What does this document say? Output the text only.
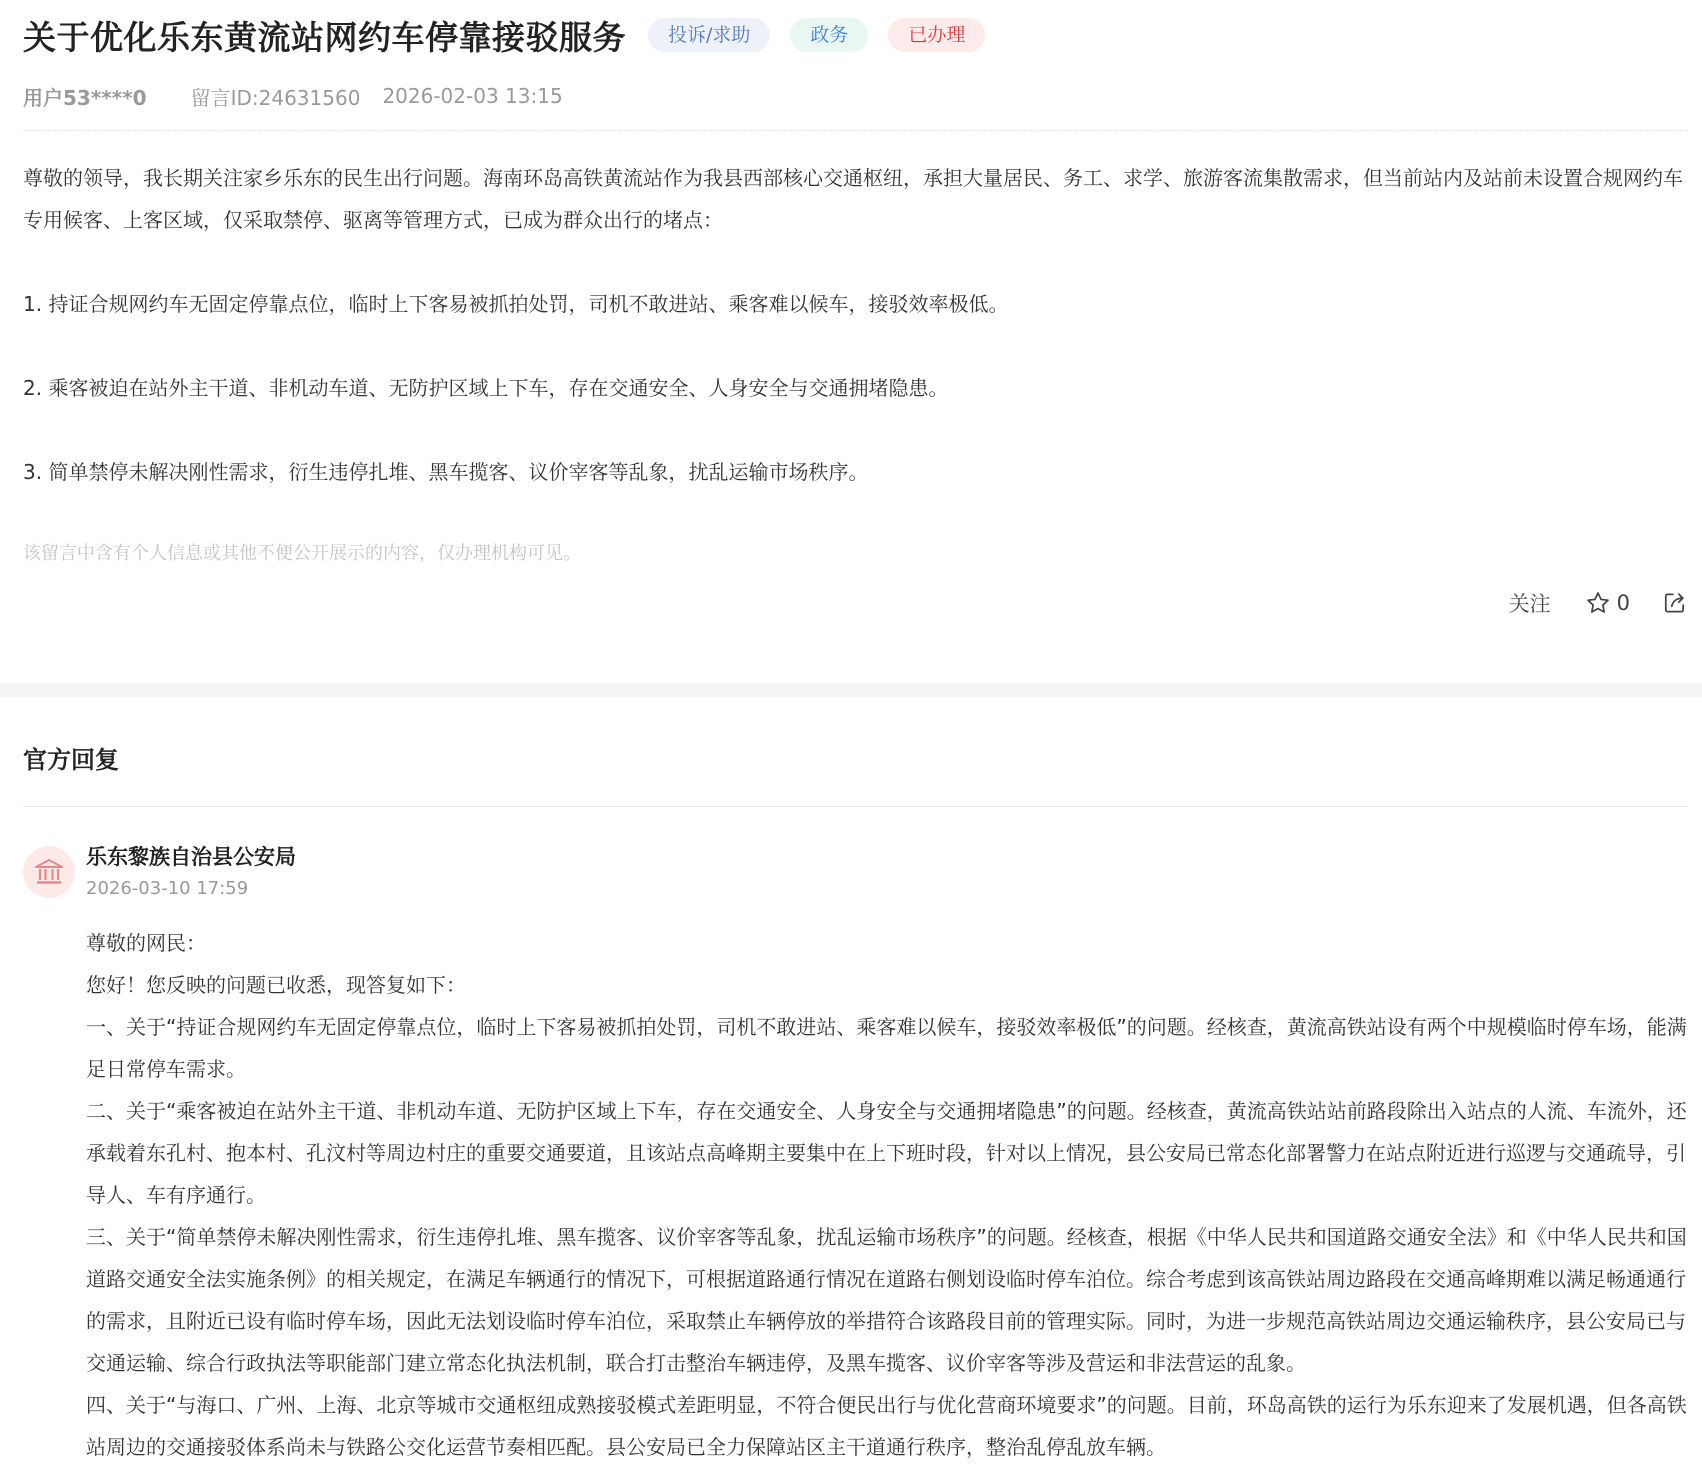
关于优化乐东黄流站网约车停靠接驳服务	投诉/求助	政务	已办理
用户53****0 留言ID:24631560 2026-02-03 13:15

尊敬的领导，我长期关注家乡乐东的民生出行问题。海南环岛高铁黄流站作为我县西部核心交通枢纽，承担大量居民、务工、求学、旅游客流集散需求，但当前站内及站前未设置合规网约车专用候客、上客区域，仅采取禁停、驱离等管理方式，已成为群众出行的堵点：

1. 持证合规网约车无固定停靠点位，临时上下客易被抓拍处罚，司机不敢进站、乘客难以候车，接驳效率极低。

2. 乘客被迫在站外主干道、非机动车道、无防护区域上下车，存在交通安全、人身安全与交通拥堵隐患。

3. 简单禁停未解决刚性需求，衍生违停扎堆、黑车揽客、议价宰客等乱象，扰乱运输市场秩序。

该留言中含有个人信息或其他不便公开展示的内容，仅办理机构可见。
关注	0
官方回复
乐东黎族自治县公安局
2026-03-10 17:59

尊敬的网民：

您好！您反映的问题已收悉，现答复如下：

一、关于“持证合规网约车无固定停靠点位，临时上下客易被抓拍处罚，司机不敢进站、乘客难以候车，接驳效率极低”的问题。经核查，黄流高铁站设有两个中规模临时停车场，能满足日常停车需求。

二、关于“乘客被迫在站外主干道、非机动车道、无防护区域上下车，存在交通安全、人身安全与交通拥堵隐患”的问题。经核查，黄流高铁站站前路段除出入站点的人流、车流外，还承载着东孔村、抱本村、孔汶村等周边村庄的重要交通要道，且该站点高峰期主要集中在上下班时段，针对以上情况，县公安局已常态化部署警力在站点附近进行巡逻与交通疏导，引导人、车有序通行。

三、关于“简单禁停未解决刚性需求，衍生违停扎堆、黑车揽客、议价宰客等乱象，扰乱运输市场秩序”的问题。经核查，根据《中华人民共和国道路交通安全法》和《中华人民共和国道路交通安全法实施条例》的相关规定，在满足车辆通行的情况下，可根据道路通行情况在道路右侧划设临时停车泊位。综合考虑到该高铁站周边路段在交通高峰期难以满足畅通通行的需求，且附近已设有临时停车场，因此无法划设临时停车泊位，采取禁止车辆停放的举措符合该路段目前的管理实际。同时，为进一步规范高铁站周边交通运输秩序，县公安局已与交通运输、综合行政执法等职能部门建立常态化执法机制，联合打击整治车辆违停，及黑车揽客、议价宰客等涉及营运和非法营运的乱象。

四、关于“与海口、广州、上海、北京等城市交通枢纽成熟接驳模式差距明显，不符合便民出行与优化营商环境要求”的问题。目前，环岛高铁的运行为乐东迎来了发展机遇，但各高铁站周边的交通接驳体系尚未与铁路公交化运营节奏相匹配。县公安局已全力保障站区主干道通行秩序，整治乱停乱放车辆。
